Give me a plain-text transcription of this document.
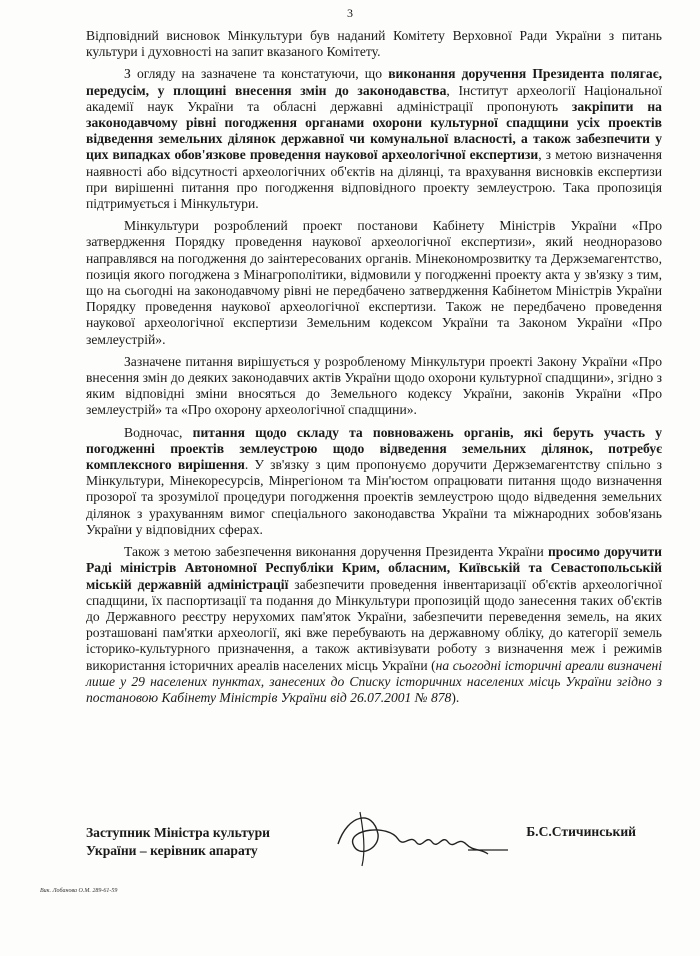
3

Відповідний висновок Мінкультури був наданий Комітету Верховної Ради України з питань культури і духовності на запит вказаного Комітету.

З огляду на зазначене та констатуючи, що виконання доручення Президента полягає, передусім, у площині внесення змін до законодавства, Інститут археології Національної академії наук України та обласні державні адміністрації пропонують закріпити на законодавчому рівні погодження органами охорони культурної спадщини усіх проектів відведення земельних ділянок державної чи комунальної власності, а також забезпечити у цих випадках обов'язкове проведення наукової археологічної експертизи, з метою визначення наявності або відсутності археологічних об'єктів на ділянці, та врахування висновків експертизи при вирішенні питання про погодження відповідного проекту землеустрою. Така пропозиція підтримується і Мінкультури.

Мінкультури розроблений проект постанови Кабінету Міністрів України «Про затвердження Порядку проведення наукової археологічної експертизи», який неодноразово направлявся на погодження до заінтересованих органів. Мінекономрозвитку та Держземагентство, позиція якого погоджена з Мінагрополітики, відмовили у погодженні проекту акта у зв'язку з тим, що на сьогодні на законодавчому рівні не передбачено затвердження Кабінетом Міністрів України Порядку проведення наукової археологічної експертизи. Також не передбачено проведення наукової археологічної експертизи Земельним кодексом України та Законом України «Про землеустрій».

Зазначене питання вирішується у розробленому Мінкультури проекті Закону України «Про внесення змін до деяких законодавчих актів України щодо охорони культурної спадщини», згідно з яким відповідні зміни вносяться до Земельного кодексу України, законів України «Про землеустрій» та «Про охорону археологічної спадщини».

Водночас, питання щодо складу та повноважень органів, які беруть участь у погодженні проектів землеустрою щодо відведення земельних ділянок, потребує комплексного вирішення. У зв'язку з цим пропонуємо доручити Держземагентству спільно з Мінкультури, Мінекоресурсів, Мінрегіоном та Мін'юстом опрацювати питання щодо визначення прозорої та зрозумілої процедури погодження проектів землеустрою щодо відведення земельних ділянок з урахуванням вимог спеціального законодавства України та міжнародних зобов'язань України у відповідних сферах.

Також з метою забезпечення виконання доручення Президента України просимо доручити Раді міністрів Автономної Республіки Крим, обласним, Київській та Севастопольській міській державній адміністрації забезпечити проведення інвентаризації об'єктів археологічної спадщини, їх паспортизації та подання до Мінкультури пропозицій щодо занесення таких об'єктів до Державного реєстру нерухомих пам'яток України, забезпечити переведення земель, на яких розташовані пам'ятки археології, які вже перебувають на державному обліку, до категорії земель історико-культурного призначення, а також активізувати роботу з визначення меж і режимів використання історичних ареалів населених місць України (на сьогодні історичні ареали визначені лише у 29 населених пунктах, занесених до Списку історичних населених місць України згідно з постановою Кабінету Міністрів України від 26.07.2001 № 878).

Заступник Міністра культури
України – керівник апарату
Б.С.Стичинський
Вик. Лобанова О.М. 289-61-59
